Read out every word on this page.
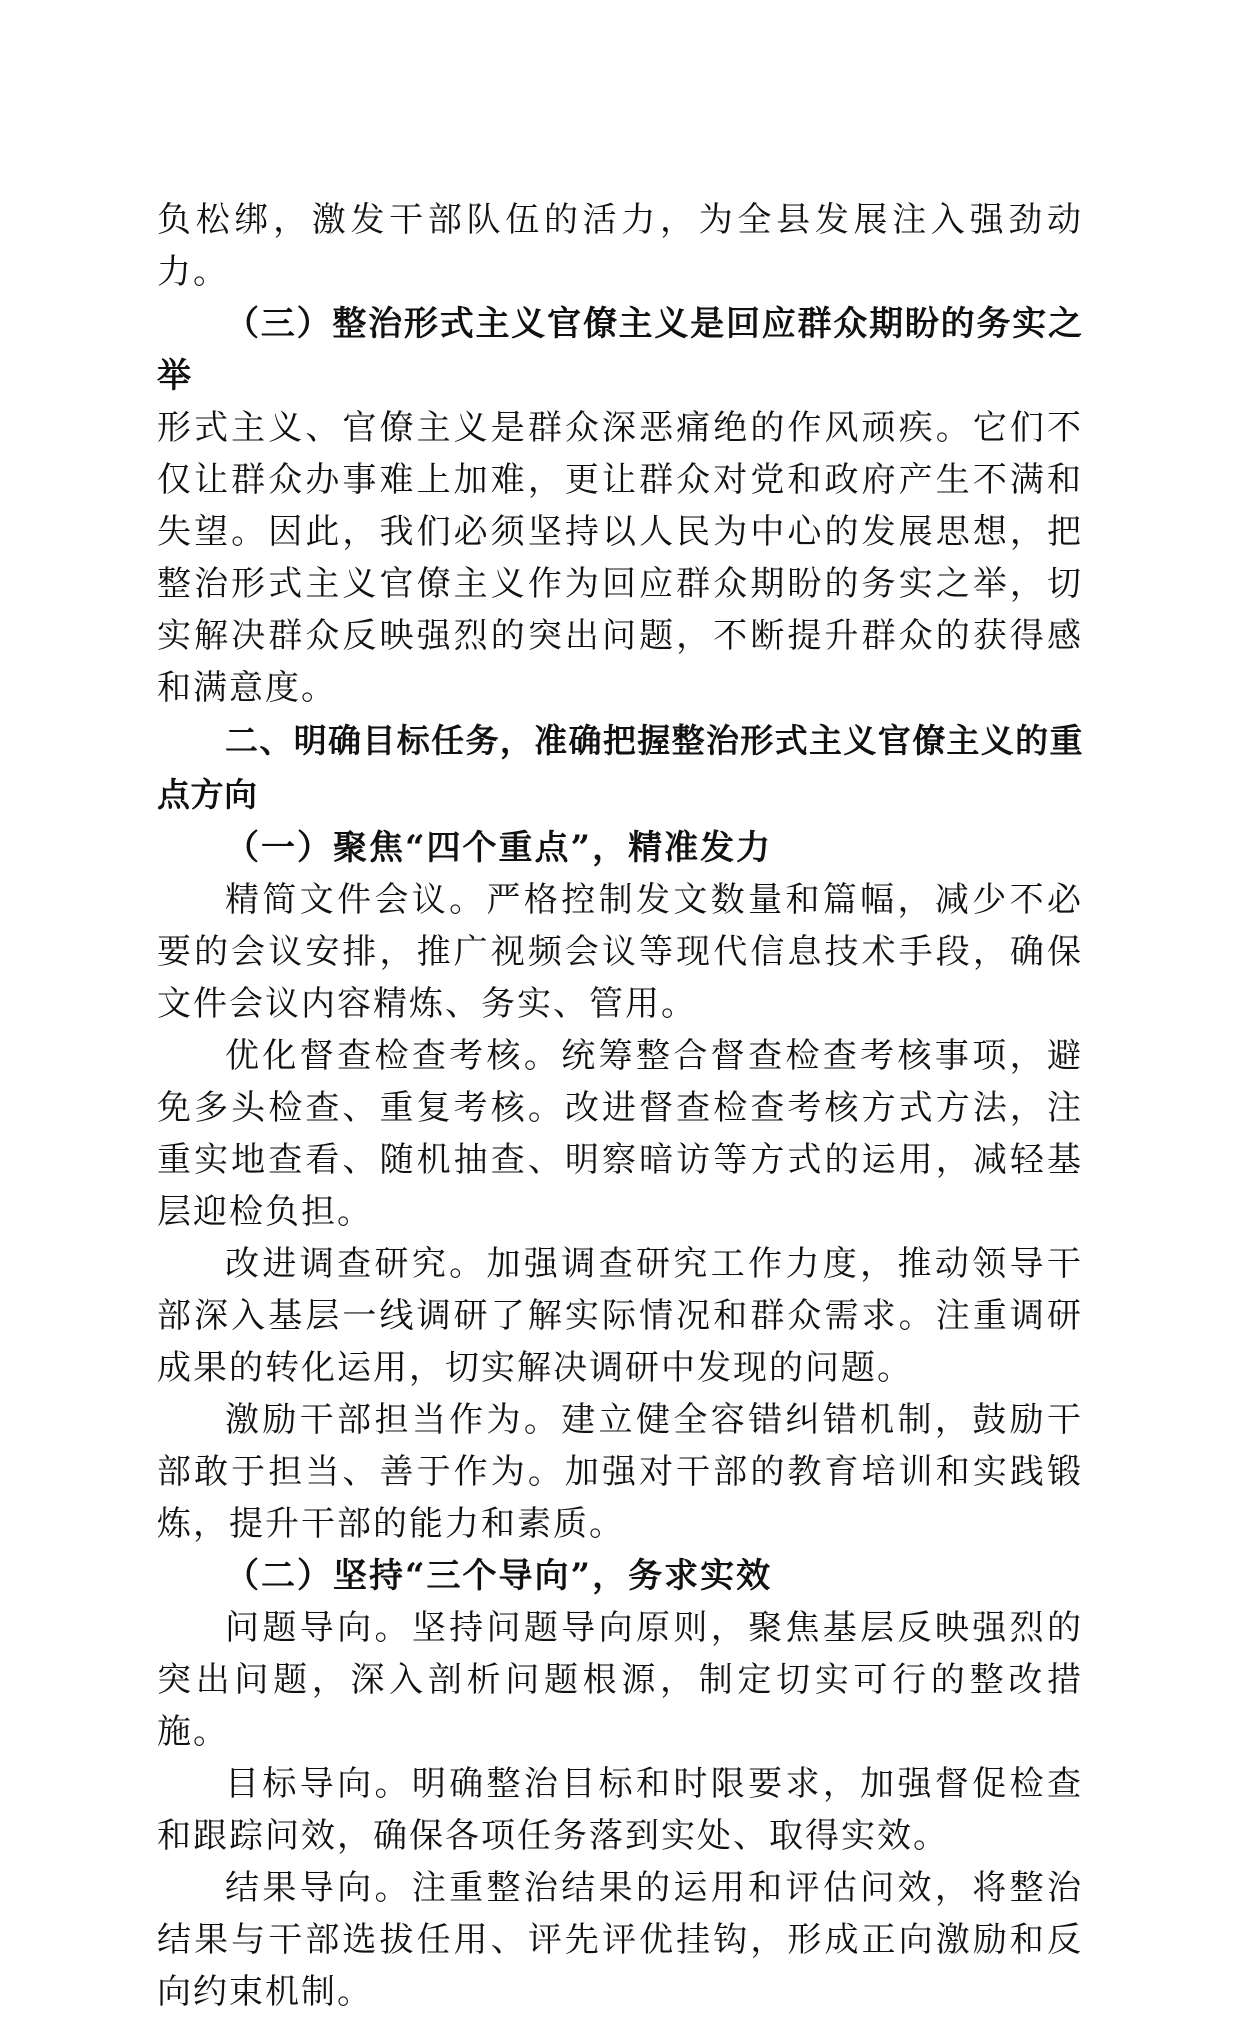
负松绑，激发干部队伍的活力，为全县发展注入强劲动力。

（三）整治形式主义官僚主义是回应群众期盼的务实之举

形式主义、官僚主义是群众深恶痛绝的作风顽疾。它们不仅让群众办事难上加难，更让群众对党和政府产生不满和失望。因此，我们必须坚持以人民为中心的发展思想，把整治形式主义官僚主义作为回应群众期盼的务实之举，切实解决群众反映强烈的突出问题，不断提升群众的获得感和满意度。

二、明确目标任务，准确把握整治形式主义官僚主义的重点方向

（一）聚焦“四个重点”，精准发力

精简文件会议。严格控制发文数量和篇幅，减少不必要的会议安排，推广视频会议等现代信息技术手段，确保文件会议内容精炼、务实、管用。

优化督查检查考核。统筹整合督查检查考核事项，避免多头检查、重复考核。改进督查检查考核方式方法，注重实地查看、随机抽查、明察暗访等方式的运用，减轻基层迎检负担。

改进调查研究。加强调查研究工作力度，推动领导干部深入基层一线调研了解实际情况和群众需求。注重调研成果的转化运用，切实解决调研中发现的问题。

激励干部担当作为。建立健全容错纠错机制，鼓励干部敢于担当、善于作为。加强对干部的教育培训和实践锻炼，提升干部的能力和素质。

（二）坚持“三个导向”，务求实效

问题导向。坚持问题导向原则，聚焦基层反映强烈的突出问题，深入剖析问题根源，制定切实可行的整改措施。

目标导向。明确整治目标和时限要求，加强督促检查和跟踪问效，确保各项任务落到实处、取得实效。

结果导向。注重整治结果的运用和评估问效，将整治结果与干部选拔任用、评先评优挂钩，形成正向激励和反向约束机制。
